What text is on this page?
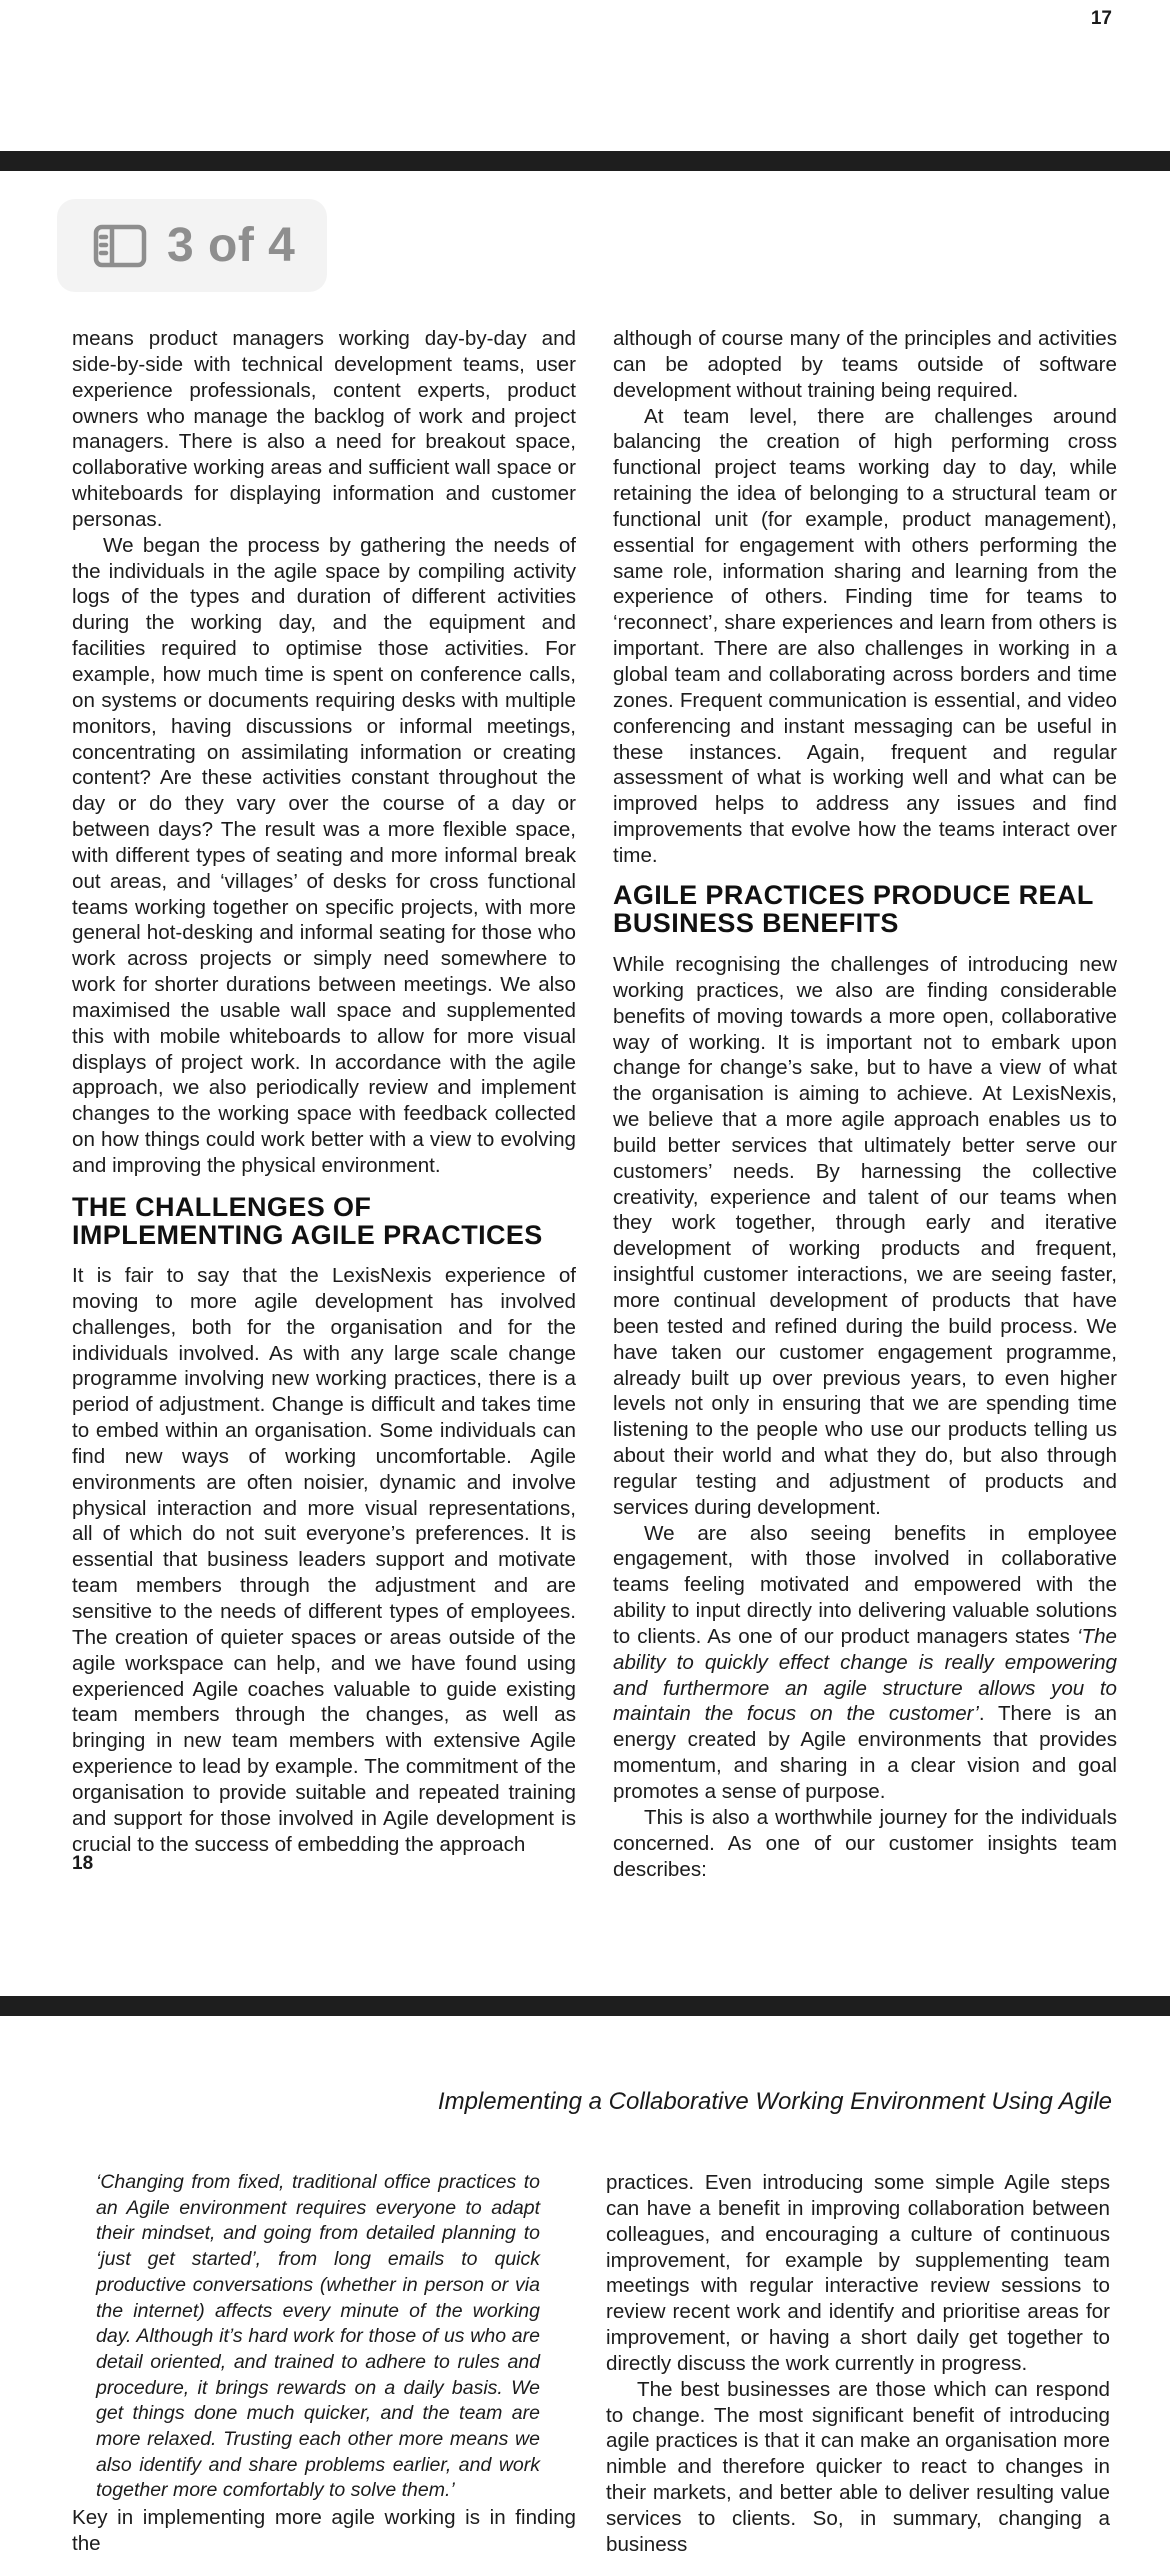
17
3 of 4

means product managers working day-by-day and side-by-side with technical development teams, user experience professionals, content experts, product owners who manage the backlog of work and project managers. There is also a need for breakout space, collaborative working areas and sufficient wall space or whiteboards for displaying information and customer personas.

We began the process by gathering the needs of the individuals in the agile space by compiling activity logs of the types and duration of different activities during the working day, and the equipment and facilities required to optimise those activities. For example, how much time is spent on conference calls, on systems or documents requiring desks with multiple monitors, having discussions or informal meetings, concentrating on assimilating information or creating content? Are these activities constant throughout the day or do they vary over the course of a day or between days? The result was a more flexible space, with different types of seating and more informal break out areas, and ‘villages’ of desks for cross functional teams working together on specific projects, with more general hot-desking and informal seating for those who work across projects or simply need somewhere to work for shorter durations between meetings. We also maximised the usable wall space and supplemented this with mobile whiteboards to allow for more visual displays of project work. In accordance with the agile approach, we also periodically review and implement changes to the working space with feedback collected on how things could work better with a view to evolving and improving the physical environment.

THE CHALLENGES OF

IMPLEMENTING AGILE PRACTICES

It is fair to say that the LexisNexis experience of moving to more agile development has involved challenges, both for the organisation and for the individuals involved. As with any large scale change programme involving new working practices, there is a period of adjustment. Change is difficult and takes time to embed within an organisation. Some individuals can find new ways of working uncomfortable. Agile environments are often noisier, dynamic and involve physical interaction and more visual representations, all of which do not suit everyone’s preferences. It is essential that business leaders support and motivate team members through the adjustment and are sensitive to the needs of different types of employees. The creation of quieter spaces or areas outside of the agile workspace can help, and we have found using experienced Agile coaches valuable to guide existing team members through the changes, as well as bringing in new team members with extensive Agile experience to lead by example. The commitment of the organisation to provide suitable and repeated training and support for those involved in Agile development is crucial to the success of embedding the approach

although of course many of the principles and activities can be adopted by teams outside of software development without training being required.

At team level, there are challenges around balancing the creation of high performing cross functional project teams working day to day, while retaining the idea of belonging to a structural team or functional unit (for example, product management), essential for engagement with others performing the same role, information sharing and learning from the experience of others. Finding time for teams to ‘reconnect’, share experiences and learn from others is important. There are also challenges in working in a global team and collaborating across borders and time zones. Frequent communication is essential, and video conferencing and instant messaging can be useful in these instances. Again, frequent and regular assessment of what is working well and what can be improved helps to address any issues and find improvements that evolve how the teams interact over time.

AGILE PRACTICES PRODUCE REAL

BUSINESS BENEFITS

While recognising the challenges of introducing new working practices, we also are finding considerable benefits of moving towards a more open, collaborative way of working. It is important not to embark upon change for change’s sake, but to have a view of what the organisation is aiming to achieve. At LexisNexis, we believe that a more agile approach enables us to build better services that ultimately better serve our customers’ needs. By harnessing the collective creativity, experience and talent of our teams when they work together, through early and iterative development of working products and frequent, insightful customer interactions, we are seeing faster, more continual development of products that have been tested and refined during the build process. We have taken our customer engagement programme, already built up over previous years, to even higher levels not only in ensuring that we are spending time listening to the people who use our products telling us about their world and what they do, but also through regular testing and adjustment of products and services during development.

We are also seeing benefits in employee engagement, with those involved in collaborative teams feeling motivated and empowered with the ability to input directly into delivering valuable solutions to clients. As one of our product managers states ‘The ability to quickly effect change is really empowering and furthermore an agile structure allows you to maintain the focus on the customer’. There is an energy created by Agile environments that provides momentum, and sharing in a clear vision and goal promotes a sense of purpose.

This is also a worthwhile journey for the individuals concerned. As one of our customer insights team describes:

18
Implementing a Collaborative Working Environment Using Agile

‘Changing from fixed, traditional office practices to an Agile environment requires everyone to adapt their mindset, and going from detailed planning to ‘just get started’, from long emails to quick productive conversations (whether in person or via the internet) affects every minute of the working day. Although it’s hard work for those of us who are detail oriented, and trained to adhere to rules and procedure, it brings rewards on a daily basis. We get things done much quicker, and the team are more relaxed. Trusting each other more means we also identify and share problems earlier, and work together more comfortably to solve them.’

Key in implementing more agile working is in finding the

practices. Even introducing some simple Agile steps can have a benefit in improving collaboration between colleagues, and encouraging a culture of continuous improvement, for example by supplementing team meetings with regular interactive review sessions to review recent work and identify and prioritise areas for improvement, or having a short daily get together to directly discuss the work currently in progress.

The best businesses are those which can respond to change. The most significant benefit of introducing agile practices is that it can make an organisation more nimble and therefore quicker to react to changes in their markets, and better able to deliver resulting value services to clients. So, in summary, changing a business
